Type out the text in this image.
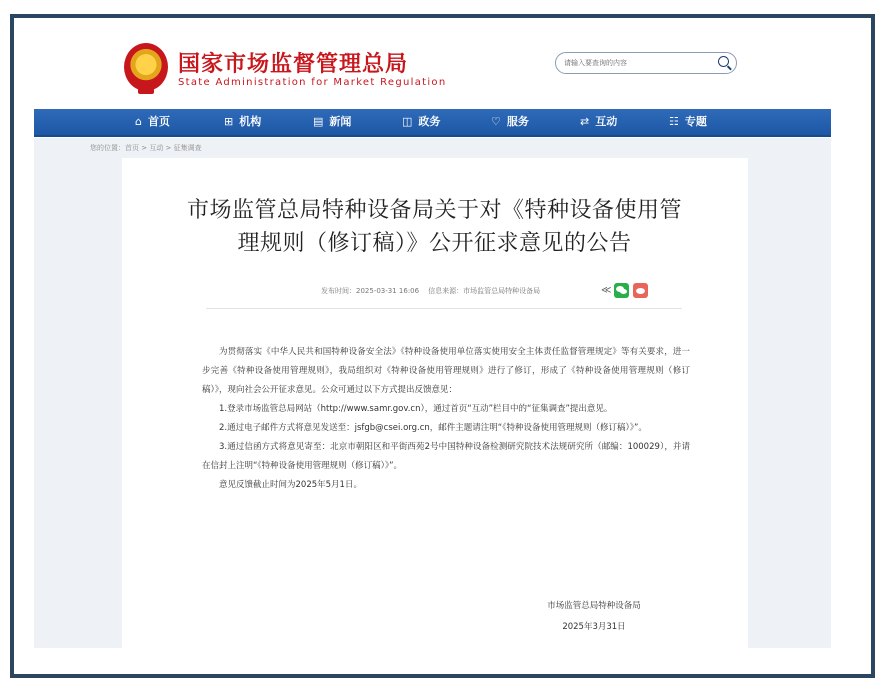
国家市场监督管理总局
State Administration for Market Regulation
请输入要查询的内容
⌂ 首页	⊞ 机构	▤ 新闻	◫ 政务	♡ 服务	⇄ 互动	☷ 专题
您的位置：首页 > 互动 > 征集调查
市场监管总局特种设备局关于对《特种设备使用管理规则（修订稿）》公开征求意见的公告
发布时间：2025-03-31 16:06 信息来源：市场监管总局特种设备局	≪

为贯彻落实《中华人民共和国特种设备安全法》《特种设备使用单位落实使用安全主体责任监督管理规定》等有关要求，进一步完善《特种设备使用管理规则》，我局组织对《特种设备使用管理规则》进行了修订，形成了《特种设备使用管理规则（修订稿）》，现向社会公开征求意见。公众可通过以下方式提出反馈意见：

1.登录市场监管总局网站（http://www.samr.gov.cn），通过首页“互动”栏目中的“征集调查”提出意见。

2.通过电子邮件方式将意见发送至：jsfgb@csei.org.cn，邮件主题请注明“《特种设备使用管理规则（修订稿）》”。

3.通过信函方式将意见寄至：北京市朝阳区和平街西苑2号中国特种设备检测研究院技术法规研究所（邮编：100029），并请在信封上注明“《特种设备使用管理规则（修订稿）》”。

意见反馈截止时间为2025年5月1日。

市场监管总局特种设备局
2025年3月31日
